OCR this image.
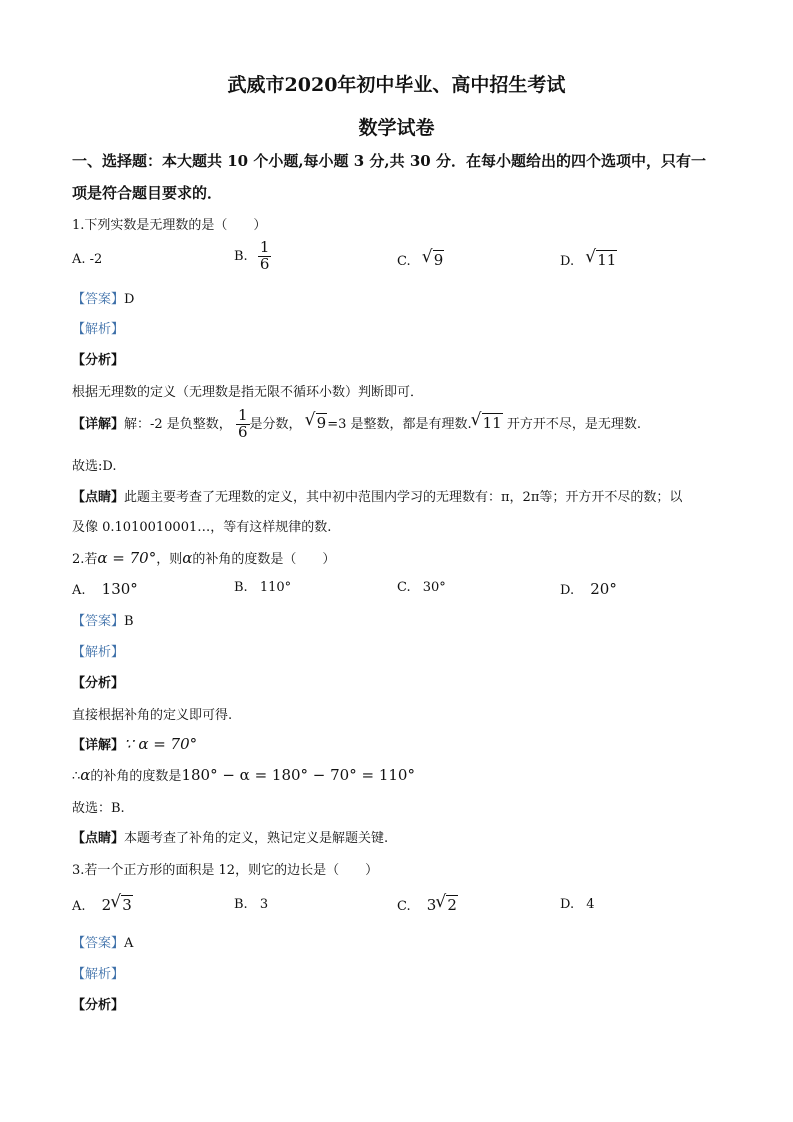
武威市2020年初中毕业、高中招生考试
数学试卷
一、选择题：本大题共 10 个小题,每小题 3 分,共 30 分．在每小题给出的四个选项中，只有一
项是符合题目要求的．
1.下列实数是无理数的是（　　）
A. -2	B. $\frac{1}{6}$	C. √ 9	D. √ 11
【答案】D
【解析】
【分析】
根据无理数的定义（无理数是指无限不循环小数）判断即可．
【详解】解：-2 是负整数， $\frac{1}{6}$ 是分数， √ 9=3 是整数，都是有理数. √ 11 开方开不尽，是无理数.
故选:D.
【点睛】此题主要考查了无理数的定义，其中初中范围内学习的无理数有：π，2π等；开方开不尽的数；以
及像 0.1010010001…，等有这样规律的数.
2.若α = 70°，则α的补角的度数是（　　）
A. 130°	B. 110°	C. 30°	D. 20°
【答案】B
【解析】
【分析】
直接根据补角的定义即可得.
【详解】∵ α = 70°
∴α的补角的度数是180° − α = 180° − 70° = 110°
故选：B.
【点睛】本题考查了补角的定义，熟记定义是解题关键.
3.若一个正方形的面积是 12，则它的边长是（　　）
A. 2 √ 3	B. 3	C. 3 √ 2	D. 4
【答案】A
【解析】
【分析】
